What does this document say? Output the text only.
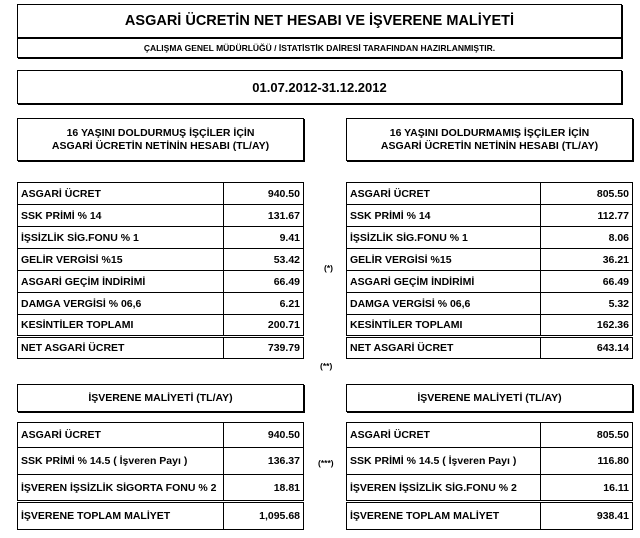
ASGARİ ÜCRETİN NET HESABI VE İŞVERENE MALİYETİ
ÇALIŞMA GENEL MÜDÜRLÜĞÜ / İSTATİSTİK DAİRESİ TARAFINDAN HAZIRLANMIŞTIR.
01.07.2012-31.12.2012
16 YAŞINI DOLDURMUŞ İŞÇİLER İÇİN
ASGARİ ÜCRETİN NETİNİN HESABI (TL/AY)
16 YAŞINI DOLDURMAMIŞ İŞÇİLER İÇİN
ASGARİ ÜCRETİN NETİNİN HESABI (TL/AY)
ASGARİ ÜCRET	940.50
SSK PRİMİ % 14	131.67
İŞSİZLİK SİG.FONU % 1	9.41
GELİR VERGİSİ %15	53.42
ASGARİ GEÇİM İNDİRİMİ	66.49
DAMGA VERGİSİ % 06,6	6.21
KESİNTİLER TOPLAMI	200.71
NET ASGARİ ÜCRET	739.79
ASGARİ ÜCRET	805.50
SSK PRİMİ % 14	112.77
İŞSİZLİK SİG.FONU % 1	8.06
GELİR VERGİSİ %15	36.21
ASGARİ GEÇİM İNDİRİMİ	66.49
DAMGA VERGİSİ % 06,6	5.32
KESİNTİLER TOPLAMI	162.36
NET ASGARİ ÜCRET	643.14
(*)
(**)
İŞVERENE MALİYETİ (TL/AY)	İŞVERENE MALİYETİ (TL/AY)
ASGARİ ÜCRET	940.50
SSK PRİMİ % 14.5 ( İşveren Payı )	136.37
İŞVEREN İŞSİZLİK SİGORTA FONU % 2	18.81
İŞVERENE TOPLAM MALİYET	1,095.68
ASGARİ ÜCRET	805.50
SSK PRİMİ % 14.5 ( İşveren Payı )	116.80
İŞVEREN İŞSİZLİK SİG.FONU % 2	16.11
İŞVERENE TOPLAM MALİYET	938.41
(***)
